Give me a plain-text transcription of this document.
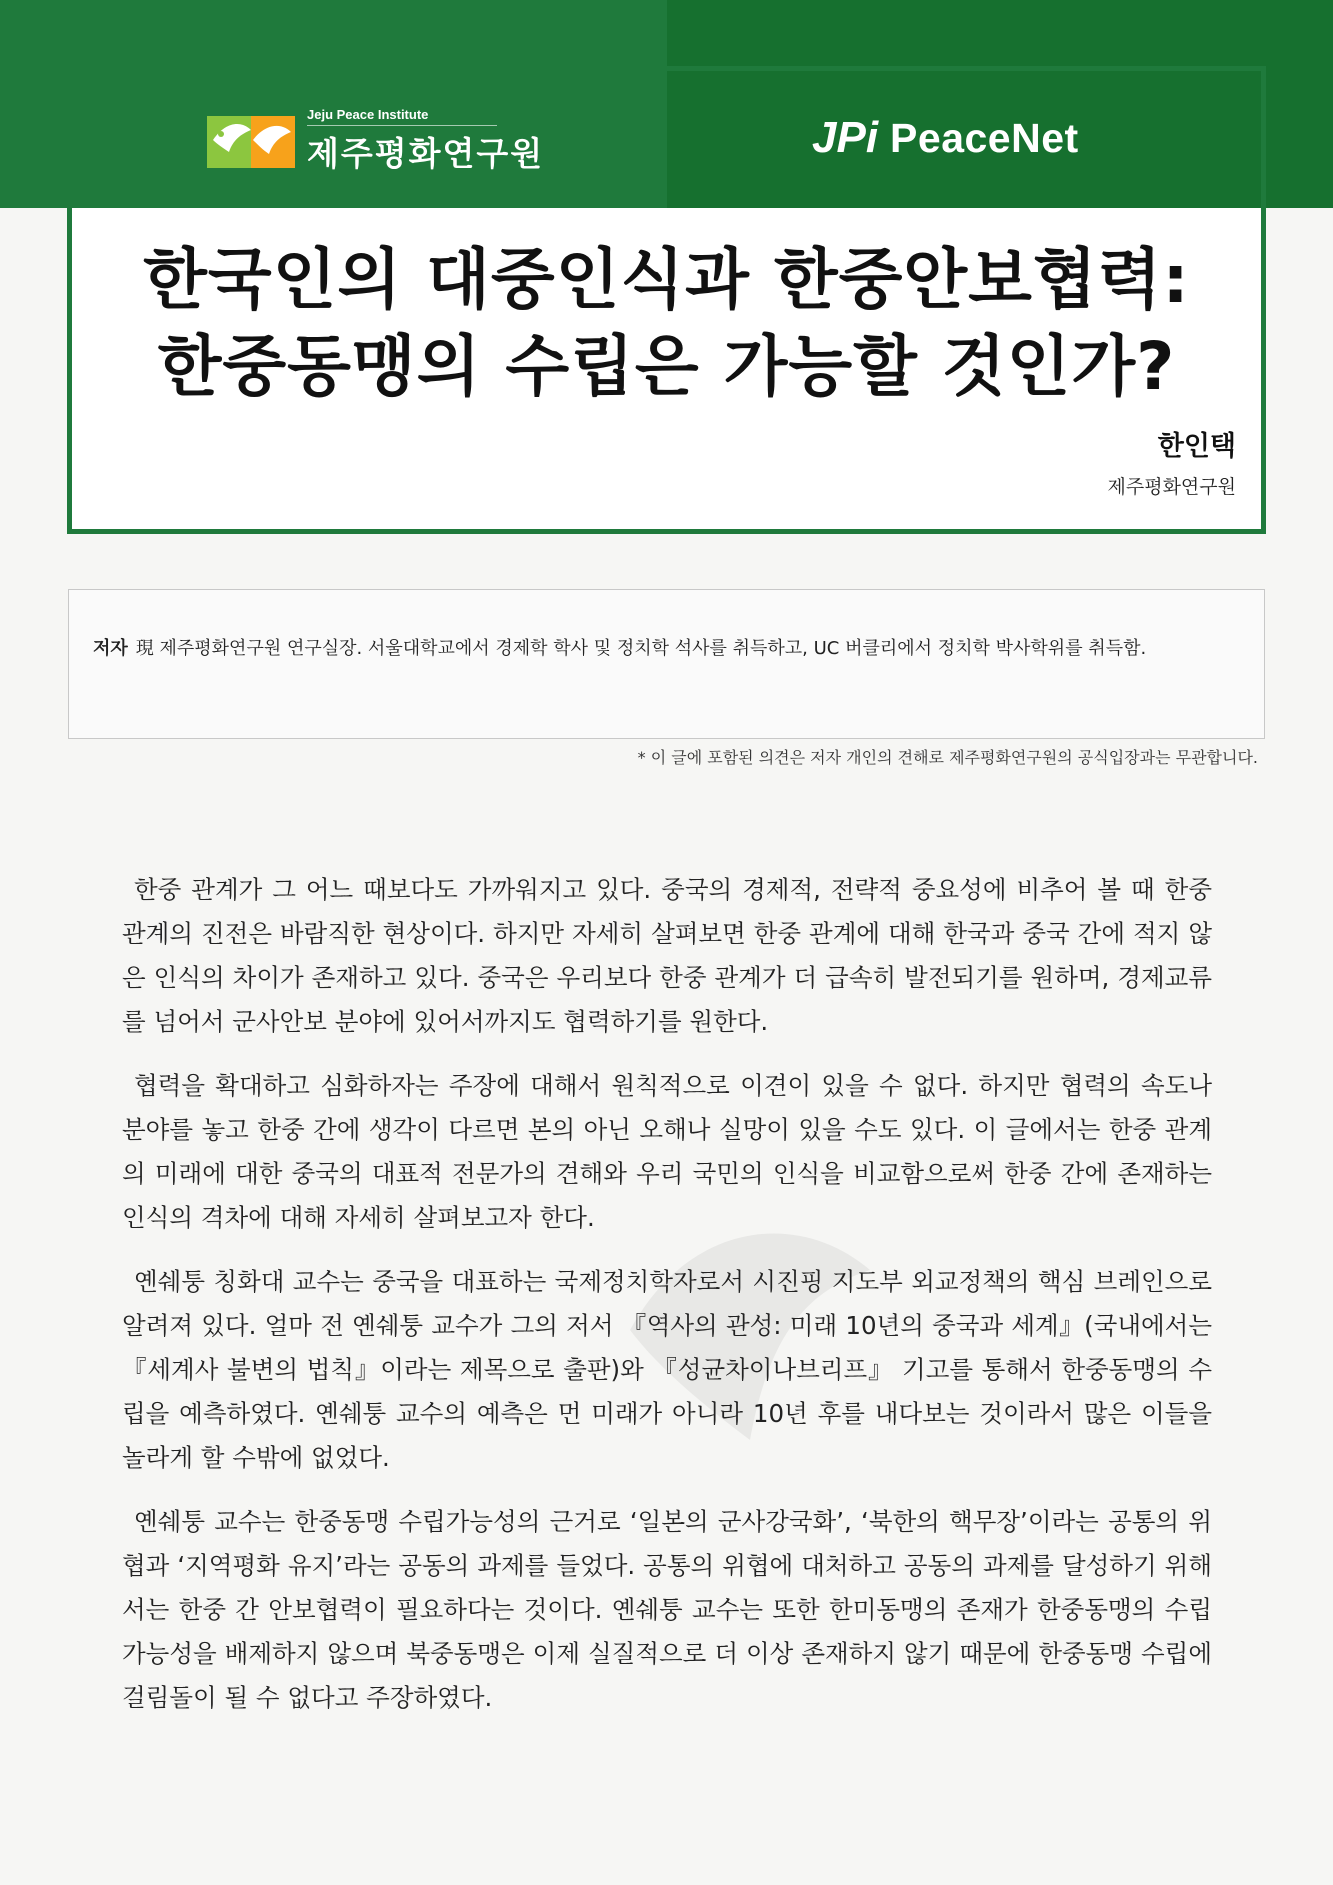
Jeju Peace Institute
제주평화연구원	JPi PeaceNet
한국인의 대중인식과 한중안보협력:
한중동맹의 수립은 가능할 것인가?
한인택
제주평화연구원
저자 現 제주평화연구원 연구실장. 서울대학교에서 경제학 학사 및 정치학 석사를 취득하고, UC 버클리에서 정치학 박사학위를 취득함.
* 이 글에 포함된 의견은 저자 개인의 견해로 제주평화연구원의 공식입장과는 무관합니다.

한중 관계가 그 어느 때보다도 가까워지고 있다. 중국의 경제적, 전략적 중요성에 비추어 볼 때 한중 관계의 진전은 바람직한 현상이다. 하지만 자세히 살펴보면 한중 관계에 대해 한국과 중국 간에 적지 않은 인식의 차이가 존재하고 있다. 중국은 우리보다 한중 관계가 더 급속히 발전되기를 원하며, 경제교류를 넘어서 군사안보 분야에 있어서까지도 협력하기를 원한다.

협력을 확대하고 심화하자는 주장에 대해서 원칙적으로 이견이 있을 수 없다. 하지만 협력의 속도나 분야를 놓고 한중 간에 생각이 다르면 본의 아닌 오해나 실망이 있을 수도 있다. 이 글에서는 한중 관계의 미래에 대한 중국의 대표적 전문가의 견해와 우리 국민의 인식을 비교함으로써 한중 간에 존재하는 인식의 격차에 대해 자세히 살펴보고자 한다.

옌쉐퉁 칭화대 교수는 중국을 대표하는 국제정치학자로서 시진핑 지도부 외교정책의 핵심 브레인으로 알려져 있다. 얼마 전 옌쉐퉁 교수가 그의 저서 『역사의 관성: 미래 10년의 중국과 세계』(국내에서는 『세계사 불변의 법칙』이라는 제목으로 출판)와 『성균차이나브리프』 기고를 통해서 한중동맹의 수립을 예측하였다. 옌쉐퉁 교수의 예측은 먼 미래가 아니라 10년 후를 내다보는 것이라서 많은 이들을 놀라게 할 수밖에 없었다.

옌쉐퉁 교수는 한중동맹 수립가능성의 근거로 ‘일본의 군사강국화’, ‘북한의 핵무장’이라는 공통의 위협과 ‘지역평화 유지’라는 공동의 과제를 들었다. 공통의 위협에 대처하고 공동의 과제를 달성하기 위해서는 한중 간 안보협력이 필요하다는 것이다. 옌쉐퉁 교수는 또한 한미동맹의 존재가 한중동맹의 수립가능성을 배제하지 않으며 북중동맹은 이제 실질적으로 더 이상 존재하지 않기 때문에 한중동맹 수립에 걸림돌이 될 수 없다고 주장하였다.
